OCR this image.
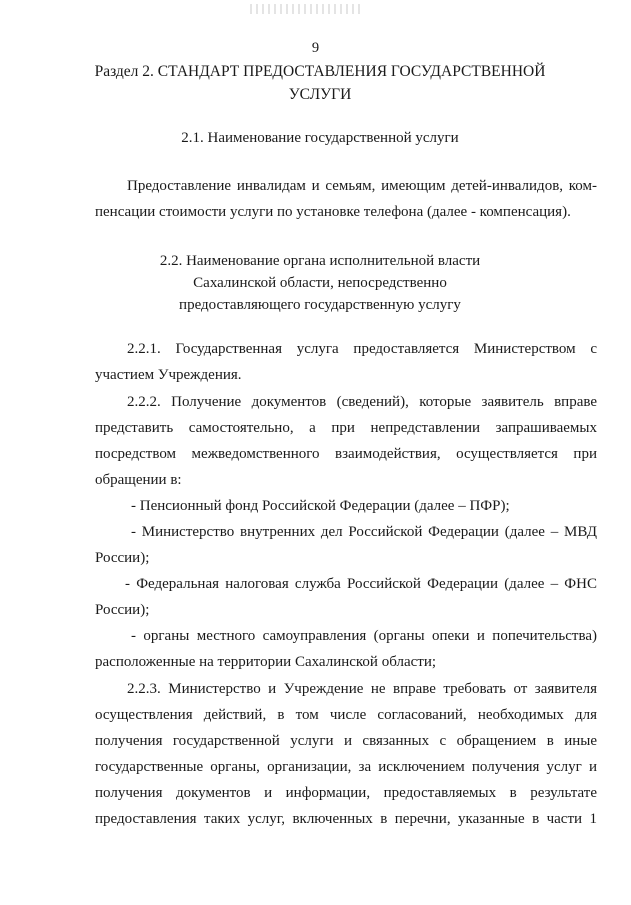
9
Раздел 2. СТАНДАРТ ПРЕДОСТАВЛЕНИЯ ГОСУДАРСТВЕННОЙ
УСЛУГИ
2.1. Наименование государственной услуги
Предоставление инвалидам и семьям, имеющим детей-инвалидов, ком-
пенсации стоимости услуги по установке телефона (далее - компенсация).
2.2. Наименование органа исполнительной власти
Сахалинской области, непосредственно
предоставляющего государственную услугу
2.2.1. Государственная услуга предоставляется Министерством с
участием Учреждения.
2.2.2. Получение документов (сведений), которые заявитель вправе
представить самостоятельно, а при непредставлении запрашиваемых
посредством межведомственного взаимодействия, осуществляется при
обращении в:
- Пенсионный фонд Российской Федерации (далее – ПФР);
- Министерство внутренних дел Российской Федерации (далее – МВД
России);
- Федеральная налоговая служба Российской Федерации (далее – ФНС
России);
- органы местного самоуправления (органы опеки и попечительства)
расположенные на территории Сахалинской области;
2.2.3. Министерство и Учреждение не вправе требовать от заявителя
осуществления действий, в том числе согласований, необходимых для
получения государственной услуги и связанных с обращением в иные
государственные органы, организации, за исключением получения услуг и
получения документов и информации, предоставляемых в результате
предоставления таких услуг, включенных в перечни, указанные в части 1
